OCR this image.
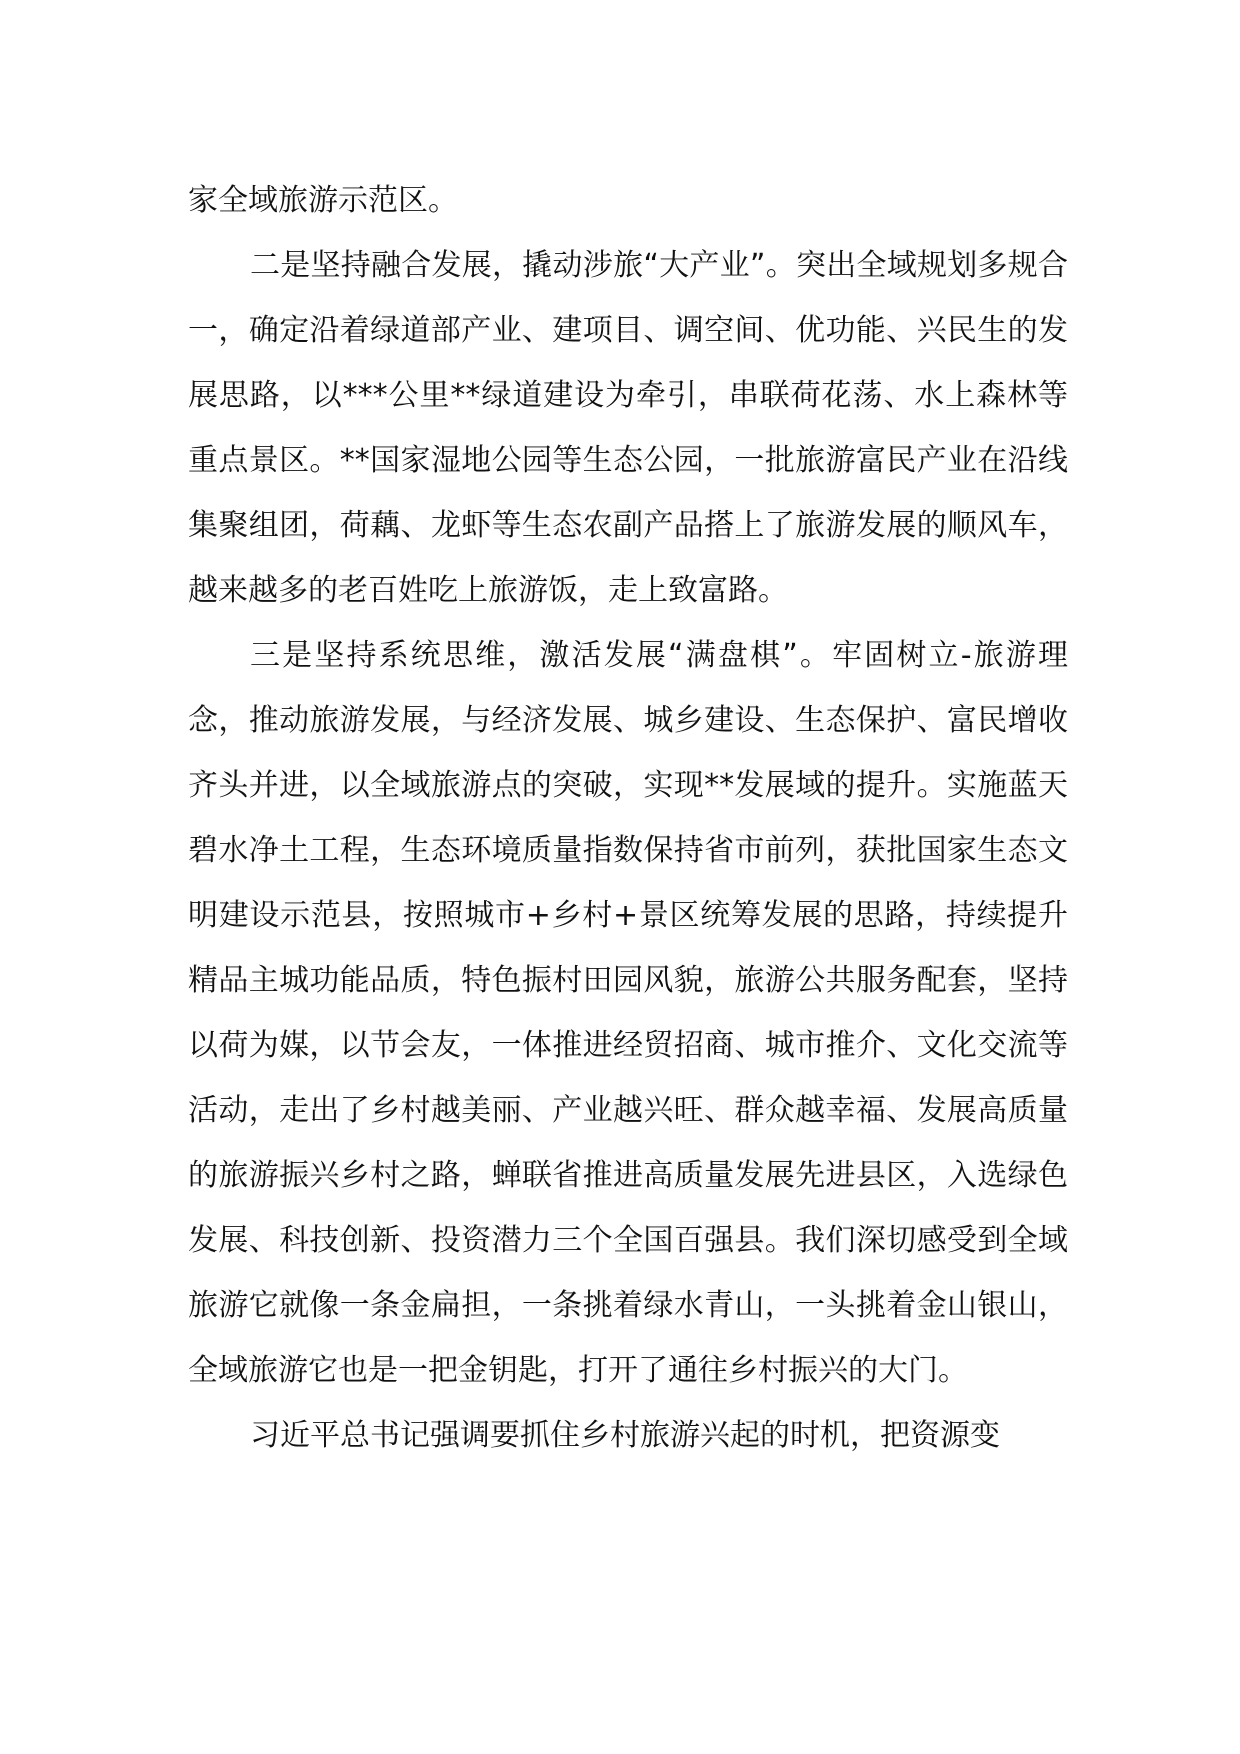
家全域旅游示范区。

二是坚持融合发展，撬动涉旅“大产业”。突出全域规划多规合一，确定沿着绿道部产业、建项目、调空间、优功能、兴民生的发展思路，以***公里**绿道建设为牵引，串联荷花荡、水上森林等重点景区。**国家湿地公园等生态公园，一批旅游富民产业在沿线集聚组团，荷藕、龙虾等生态农副产品搭上了旅游发展的顺风车，越来越多的老百姓吃上旅游饭，走上致富路。

三是坚持系统思维，激活发展“满盘棋”。牢固树立-旅游理念，推动旅游发展，与经济发展、城乡建设、生态保护、富民增收齐头并进，以全域旅游点的突破，实现**发展域的提升。实施蓝天碧水净土工程，生态环境质量指数保持省市前列，获批国家生态文明建设示范县，按照城市+乡村+景区统筹发展的思路，持续提升精品主城功能品质，特色振村田园风貌，旅游公共服务配套，坚持以荷为媒，以节会友，一体推进经贸招商、城市推介、文化交流等活动，走出了乡村越美丽、产业越兴旺、群众越幸福、发展高质量的旅游振兴乡村之路，蝉联省推进高质量发展先进县区，入选绿色发展、科技创新、投资潜力三个全国百强县。我们深切感受到全域旅游它就像一条金扁担，一条挑着绿水青山，一头挑着金山银山，全域旅游它也是一把金钥匙，打开了通往乡村振兴的大门。

习近平总书记强调要抓住乡村旅游兴起的时机，把资源变
